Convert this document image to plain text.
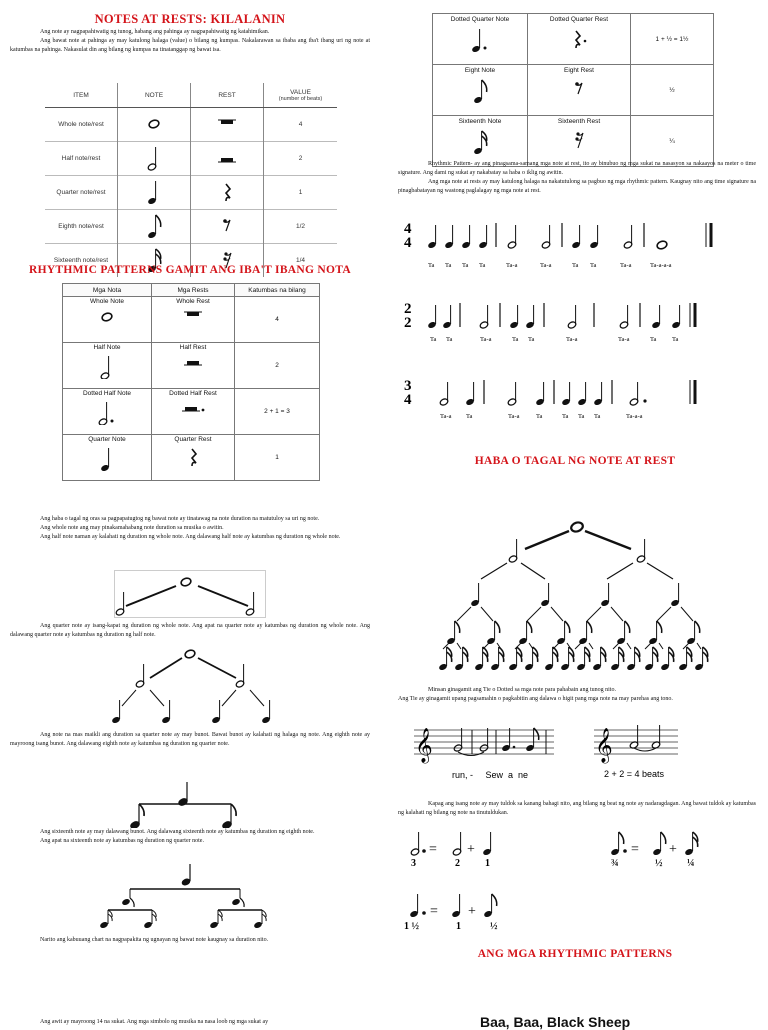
NOTES AT RESTS: KILALANIN

Ang note ay nagpapahiwatig ng tunog, habang ang pahinga ay nagpapahiwatig ng katahimikan.

Ang bawat note at pahinga ay may katulong halaga (value) o bilang ng kumpas. Nakalarawan sa ibaba ang iba't ibang uri ng note at katumbas na pahinga. Nakasulat din ang bilang ng kumpas na tinatanggap ng bawat isa.

ITEM	NOTE	REST	VALUE
(number of beats)

Whole note/rest			4
Half note/rest			2
Quarter note/rest			1
Eighth note/rest			1/2
Sixteenth note/rest			1/4
RHYTHMIC PATTERNS GAMIT ANG IBA'T IBANG NOTA
Mga Nota	Mga Rests	Katumbas na bilang
Whole Note	Whole Rest	4
Half Note	Half Rest	2
Dotted Half Note	Dotted Half Rest	2 + 1 = 3
Quarter Note	Quarter Rest	1

Ang haba o tagal ng oras sa pagpapatugtog ng bawat note ay tinatawag na note duration na matutuloy sa uri ng note.

Ang whole note ang may pinakamahabang note duration sa musika o awitin.

Ang half note naman ay kalahati ng duration ng whole note. Ang dalawang half note ay katumbas ng duration ng whole note.

Ang quarter note ay isang-kapat ng duration ng whole note. Ang apat na quarter note ay katumbas ng duration ng whole note. Ang dalawang quarter note ay katumbas ng duration ng half note.
Ang note na mas maikli ang duration sa quarter note ay may bunot. Bawat bunot ay kalahati ng halaga ng note. Ang eighth note ay mayroong isang bunot. Ang dalawang eighth note ay katumbas ng duration ng quarter note.

Ang sixteenth note ay may dalawang bunot. Ang dalawang sixteenth note ay katumbas ng duration ng eighth note.

Ang apat na sixteenth note ay katumbas ng duration ng quarter note.

Narito ang kabuuang chart na nagpapakita ng ugnayan ng bawat note kaugnay sa duration nito.
Ang awit ay mayroong 14 na sukat. Ang mga simbolo ng musika na nasa loob ng mga sukat ay
Dotted Quarter Note	Dotted Quarter Rest	1 + ½ = 1½
Eight Note	Eight Rest	½
Sixteenth Note	Sixteenth Rest	¼

Rhythmic Pattern- ay ang pinagsama-samang mga note at rest, ito ay binubuo ng mga sukat na nasasyon sa nakaayos na meter o time signature. Ang dami ng sukat ay nakabatay sa haba o iklig ng awitin.

Ang mga note at rests ay may katulong halaga na nakatutulong sa pagbuo ng mga rhythmic pattern. Kaugnay nito ang time signature na pinagbabatayan ng wastong paglalagay ng mga note at rest.

4
4
Ta Ta Ta Ta	Ta-a	Ta-a	Ta Ta	Ta-a	Ta-a-a-a
2
2
Ta Ta	Ta-a	Ta Ta	Ta-a	Ta-a	Ta Ta
3
4
Ta-a Ta	Ta-a	Ta	Ta Ta Ta	Ta-a-a
HABA O TAGAL NG NOTE AT REST

Minsan ginagamit ang Tie o Dotted sa mga note para pahabain ang tunog nito.

Ang Tie ay ginagamit upang pagsamahin o pagkabitin ang dalawa o higit pang mga note na may parehas ang tono.

𝄞
run, -     Sew  a  ne
𝄞
2 + 2 = 4 beats
Kapag ang isang note ay may tuldok sa kanang bahagi nito, ang bilang ng beat ng note ay nadaragdagan. Ang bawat tuldok ay katumbas ng kalahati ng bilang ng note na tinutuldukan.
= +
3	2	1
= +
¾	½ ¼
= +
1 ½	1	½
ANG MGA RHYTHMIC PATTERNS
Baa, Baa, Black Sheep
